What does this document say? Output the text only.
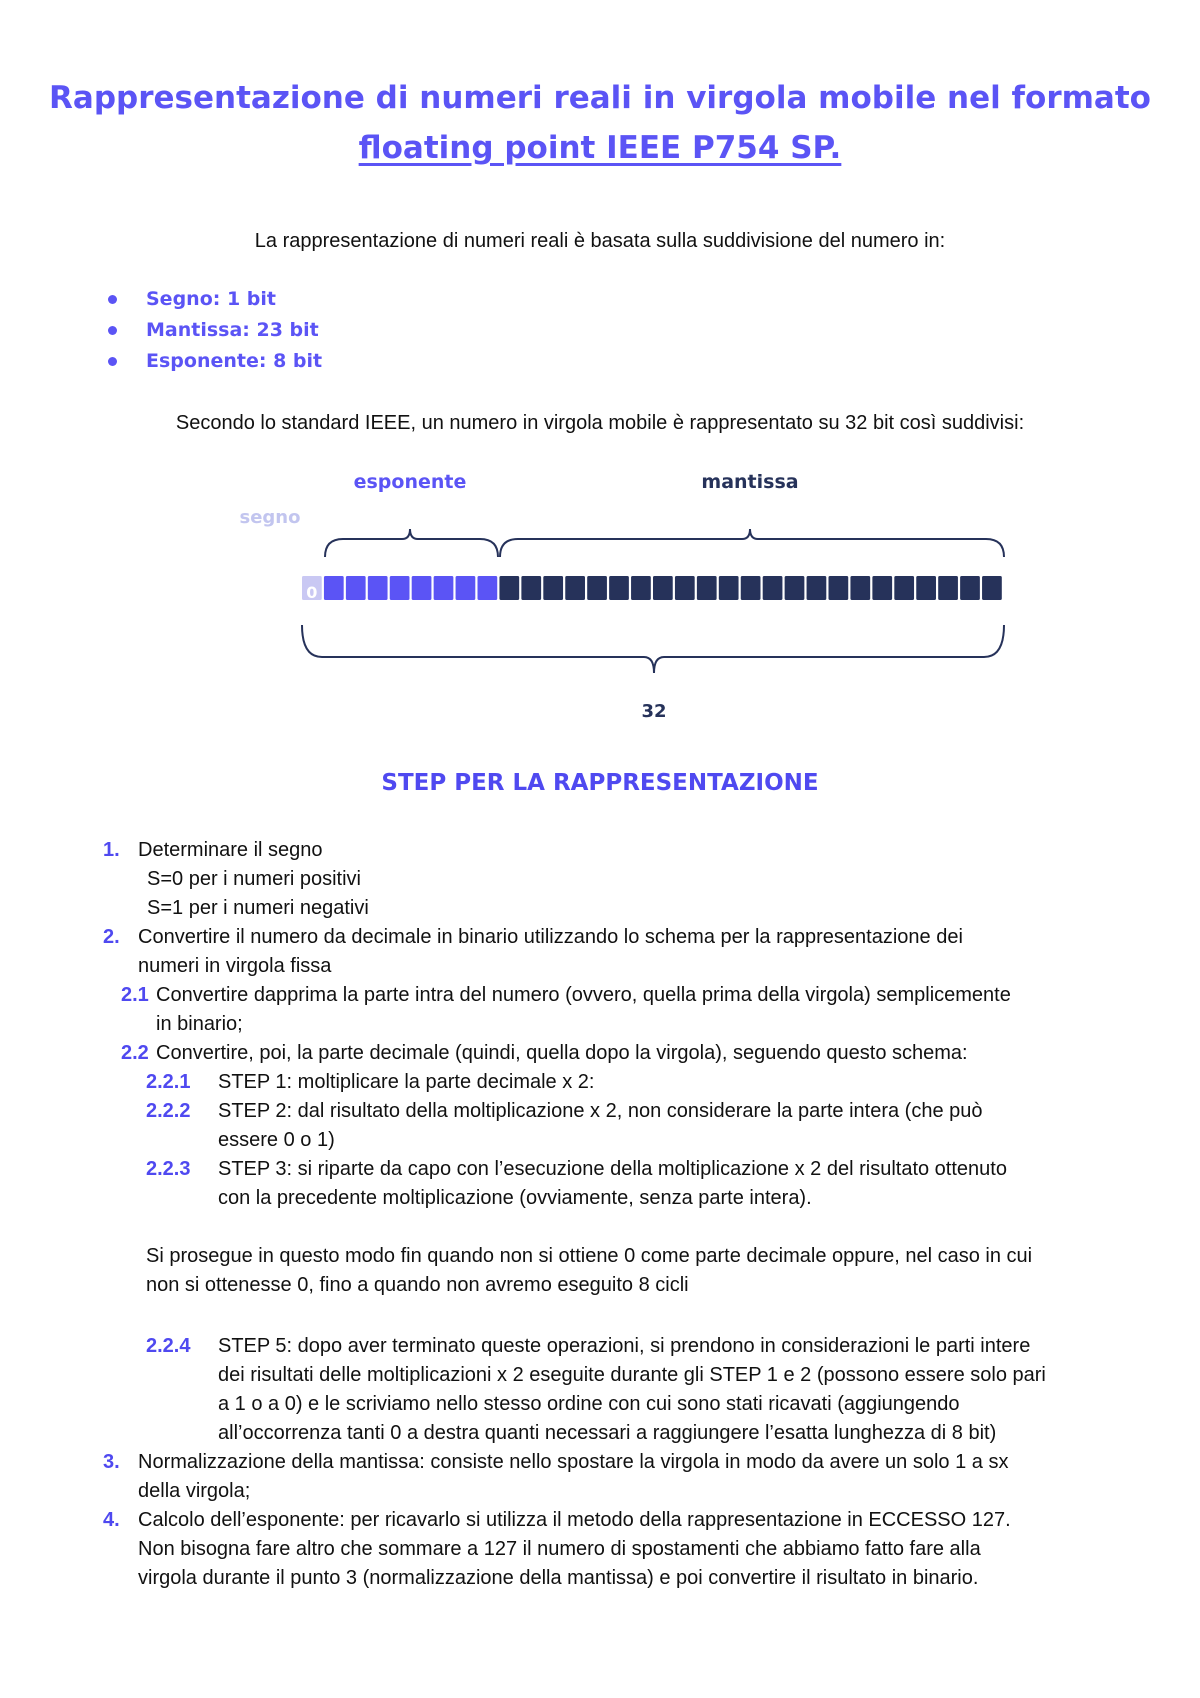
Rappresentazione di numeri reali in virgola mobile nel formato
floating point IEEE P754 SP.

La rappresentazione di numeri reali è basata sulla suddivisione del numero in:

Segno: 1 bit
Mantissa: 23 bit
Esponente: 8 bit

Secondo lo standard IEEE, un numero in virgola mobile è rappresentato su 32 bit così suddivisi:

esponente	mantissa
segno
0
32
STEP PER LA RAPPRESENTAZIONE
1. Determinare il segno
S=0 per i numeri positivi
S=1 per i numeri negativi
2. Convertire il numero da decimale in binario utilizzando lo schema per la rappresentazione dei
numeri in virgola fissa
2.1 Convertire dapprima la parte intra del numero (ovvero, quella prima della virgola) semplicemente
in binario;
2.2 Convertire, poi, la parte decimale (quindi, quella dopo la virgola), seguendo questo schema:
2.2.1 STEP 1: moltiplicare la parte decimale x 2:
2.2.2 STEP 2: dal risultato della moltiplicazione x 2, non considerare la parte intera (che può
essere 0 o 1)
2.2.3 STEP 3: si riparte da capo con l’esecuzione della moltiplicazione x 2 del risultato ottenuto
con la precedente moltiplicazione (ovviamente, senza parte intera).
Si prosegue in questo modo fin quando non si ottiene 0 come parte decimale oppure, nel caso in cui
non si ottenesse 0, fino a quando non avremo eseguito 8 cicli
2.2.4 STEP 5: dopo aver terminato queste operazioni, si prendono in considerazioni le parti intere
dei risultati delle moltiplicazioni x 2 eseguite durante gli STEP 1 e 2 (possono essere solo pari
a 1 o a 0) e le scriviamo nello stesso ordine con cui sono stati ricavati (aggiungendo
all’occorrenza tanti 0 a destra quanti necessari a raggiungere l’esatta lunghezza di 8 bit)
3. Normalizzazione della mantissa: consiste nello spostare la virgola in modo da avere un solo 1 a sx
della virgola;
4. Calcolo dell’esponente: per ricavarlo si utilizza il metodo della rappresentazione in ECCESSO 127.
Non bisogna fare altro che sommare a 127 il numero di spostamenti che abbiamo fatto fare alla
virgola durante il punto 3 (normalizzazione della mantissa) e poi convertire il risultato in binario.
